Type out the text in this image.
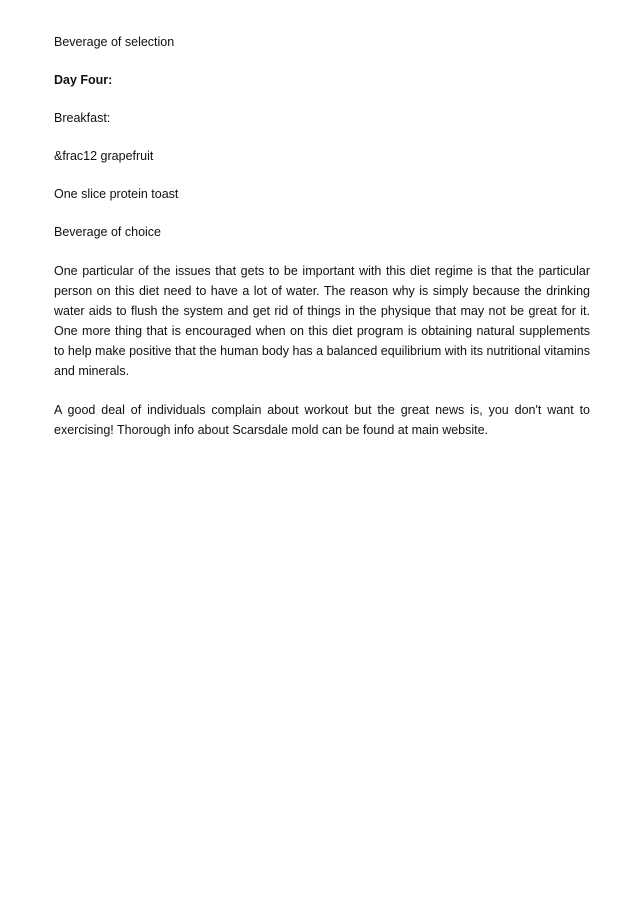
Beverage of selection
Day Four:
Breakfast:
&frac12 grapefruit
One slice protein toast
Beverage of choice

One particular of the issues that gets to be important with this diet regime is that the particular person on this diet need to have a lot of water. The reason why is simply because the drinking water aids to flush the system and get rid of things in the physique that may not be great for it. One more thing that is encouraged when on this diet program is obtaining natural supplements to help make positive that the human body has a balanced equilibrium with its nutritional vitamins and minerals.

A good deal of individuals complain about workout but the great news is, you don't want to exercising! Thorough info about Scarsdale mold can be found at main website.
